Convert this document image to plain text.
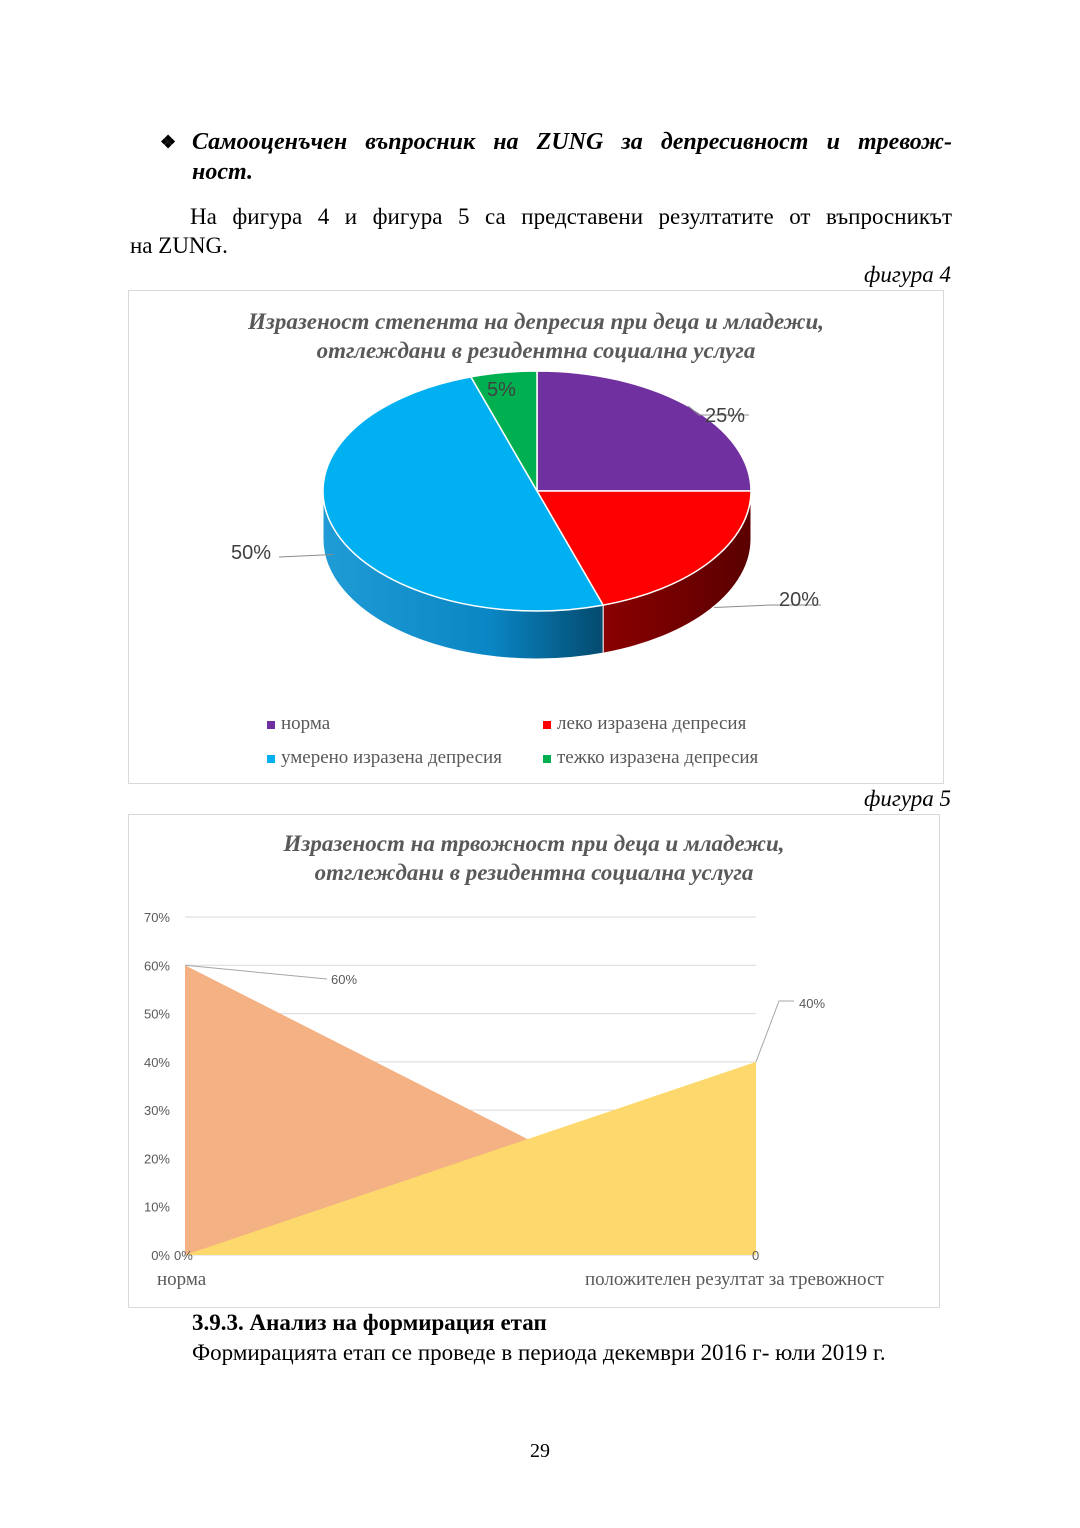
❖ Самооценъчен въпросник на ZUNG за депресивност и тревож-
ност.
На фигура 4 и фигура 5 са представени резултатите от въпросникът
на ZUNG.
фигура 4
Изразеност степента на депресия при деца и младежи,
отглеждани в резидентна социална услуга
25%
20%
50%
5%
норма	леко изразена депресия
умерено изразена депресия	тежко изразена депресия
фигура 5
Изразеност на трвожност при деца и младежи,
отглеждани в резидентна социална услуга
0%
10%
20%
30%
40%
50%
60%
70%
60%
40%
0%	0
норма	положителен резултат за тревожност
3.9.3. Анализ на формирация етап
Формирацията етап се проведе в периода декември 2016 г- юли 2019 г.
29
